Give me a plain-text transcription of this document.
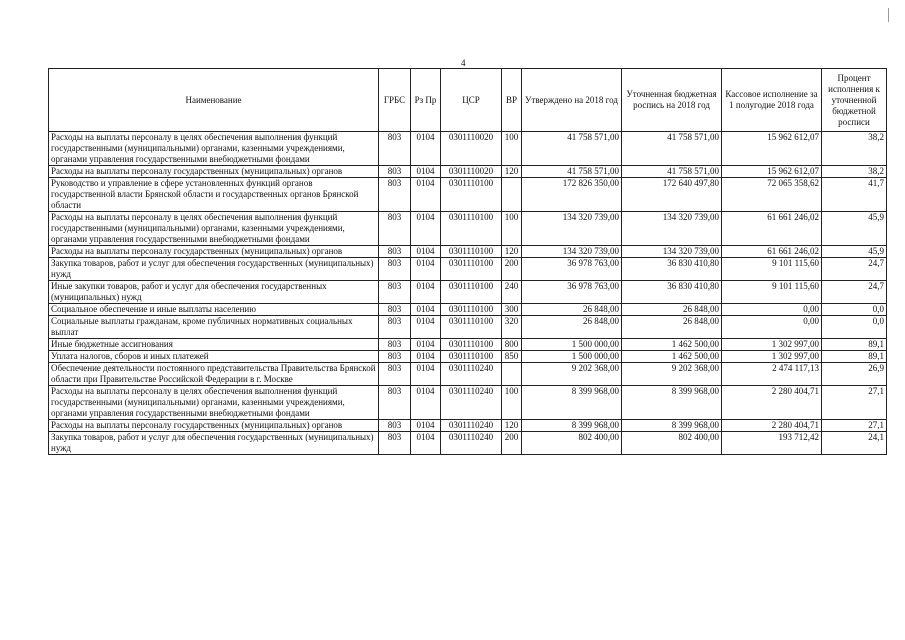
4
Наименование	ГРБС	Рз Пр	ЦСР	ВР	Утверждено на 2018 год	Уточненная бюджетная роспись на 2018 год	Кассовое исполнение за 1 полугодие 2018 года	Процент исполнения к уточненной бюджетной росписи
Расходы на выплаты персоналу в целях обеспечения выполнения функций государственными (муниципальными) органами, казенными учреждениями, органами управления государственными внебюджетными фондами	803	0104	0301110020	100	41 758 571,00	41 758 571,00	15 962 612,07	38,2
Расходы на выплаты персоналу государственных (муниципальных) органов	803	0104	0301110020	120	41 758 571,00	41 758 571,00	15 962 612,07	38,2
Руководство и управление в сфере установленных функций органов государственной власти Брянской области и государственных органов Брянской области	803	0104	0301110100		172 826 350,00	172 640 497,80	72 065 358,62	41,7
Расходы на выплаты персоналу в целях обеспечения выполнения функций государственными (муниципальными) органами, казенными учреждениями, органами управления государственными внебюджетными фондами	803	0104	0301110100	100	134 320 739,00	134 320 739,00	61 661 246,02	45,9
Расходы на выплаты персоналу государственных (муниципальных) органов	803	0104	0301110100	120	134 320 739,00	134 320 739,00	61 661 246,02	45,9
Закупка товаров, работ и услуг для обеспечения государственных (муниципальных) нужд	803	0104	0301110100	200	36 978 763,00	36 830 410,80	9 101 115,60	24,7
Иные закупки товаров, работ и услуг для обеспечения государственных (муниципальных) нужд	803	0104	0301110100	240	36 978 763,00	36 830 410,80	9 101 115,60	24,7
Социальное обеспечение и иные выплаты населению	803	0104	0301110100	300	26 848,00	26 848,00	0,00	0,0
Социальные выплаты гражданам, кроме публичных нормативных социальных выплат	803	0104	0301110100	320	26 848,00	26 848,00	0,00	0,0
Иные бюджетные ассигнования	803	0104	0301110100	800	1 500 000,00	1 462 500,00	1 302 997,00	89,1
Уплата налогов, сборов и иных платежей	803	0104	0301110100	850	1 500 000,00	1 462 500,00	1 302 997,00	89,1
Обеспечение деятельности постоянного представительства Правительства Брянской области при Правительстве Российской Федерации в г. Москве	803	0104	0301110240		9 202 368,00	9 202 368,00	2 474 117,13	26,9
Расходы на выплаты персоналу в целях обеспечения выполнения функций государственными (муниципальными) органами, казенными учреждениями, органами управления государственными внебюджетными фондами	803	0104	0301110240	100	8 399 968,00	8 399 968,00	2 280 404,71	27,1
Расходы на выплаты персоналу государственных (муниципальных) органов	803	0104	0301110240	120	8 399 968,00	8 399 968,00	2 280 404,71	27,1
Закупка товаров, работ и услуг для обеспечения государственных (муниципальных) нужд	803	0104	0301110240	200	802 400,00	802 400,00	193 712,42	24,1
